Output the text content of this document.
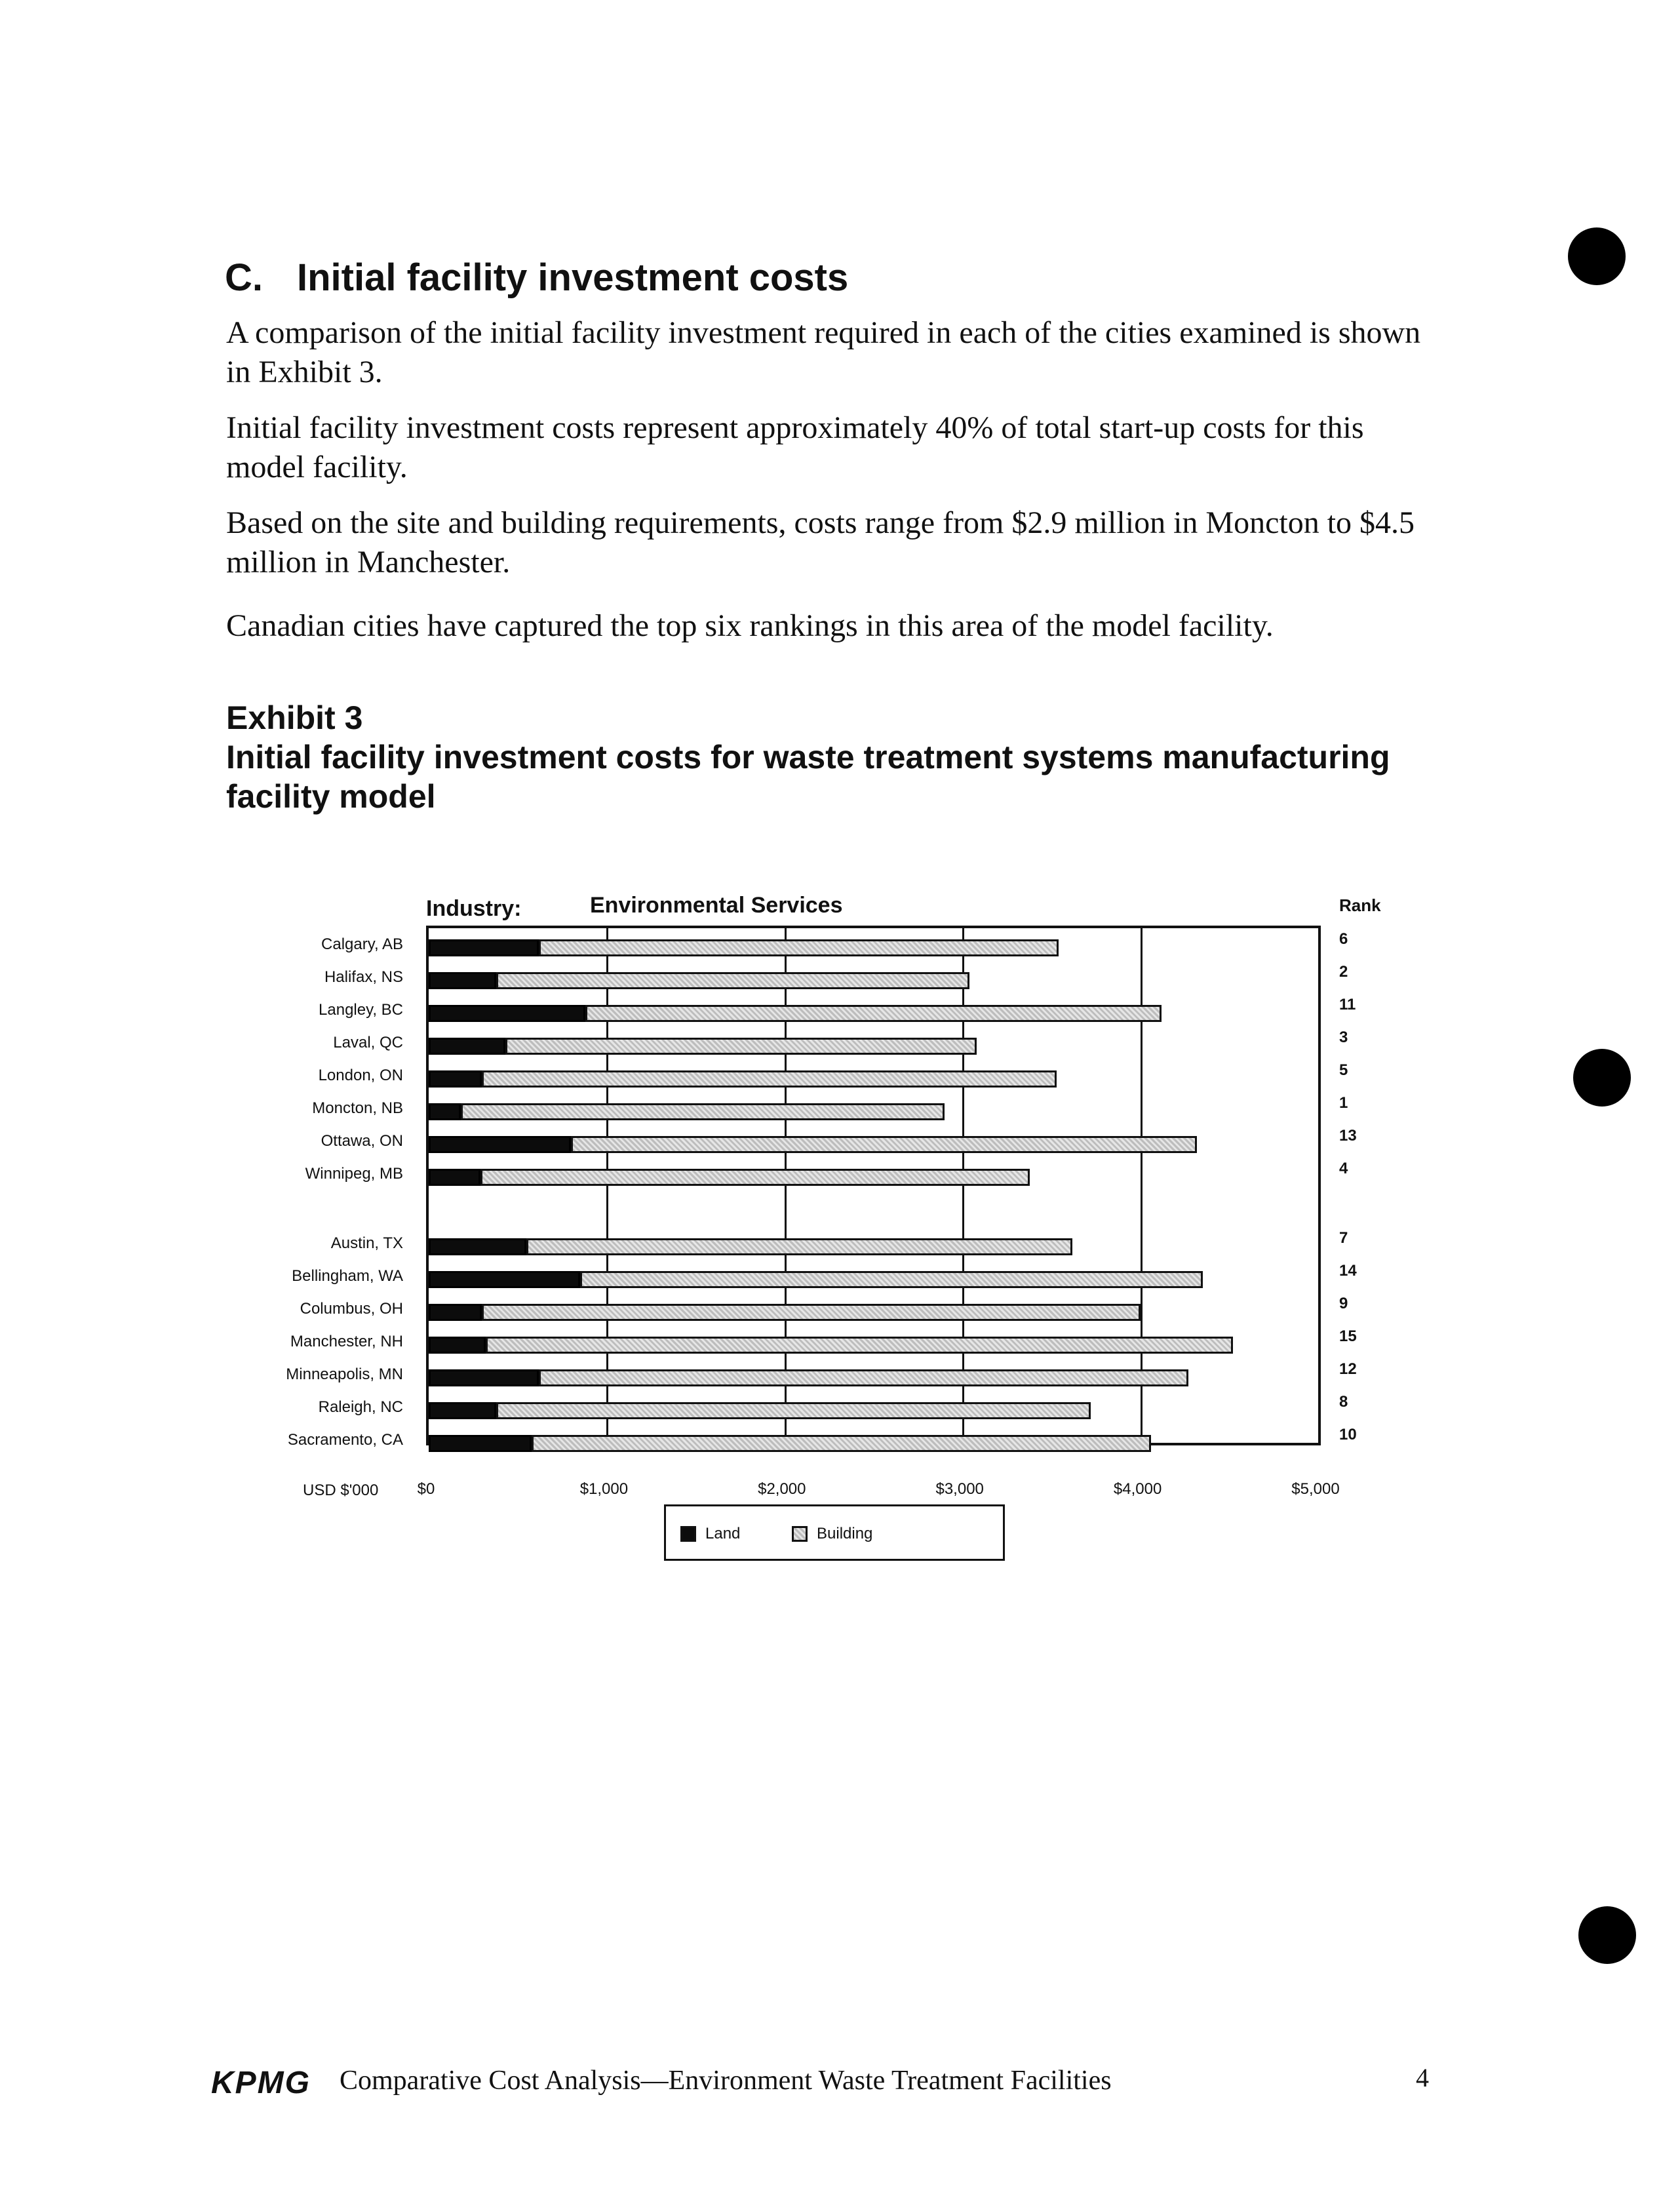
C. Initial facility investment costs

A comparison of the initial facility investment required in each of the cities examined is shown in Exhibit 3.

Initial facility investment costs represent approximately 40% of total start-up costs for this model facility.

Based on the site and building requirements, costs range from $2.9 million in Moncton to $4.5 million in Manchester.

Canadian cities have captured the top six rankings in this area of the model facility.

Exhibit 3
Initial facility investment costs for waste treatment systems manufacturing facility model
Industry:	Environmental Services	Rank
$0	$1,000	$2,000	$3,000	$4,000	$5,000
Calgary, AB	6
Halifax, NS	2
Langley, BC	11
Laval, QC	3
London, ON	5
Moncton, NB	1
Ottawa, ON	13
Winnipeg, MB	4
Austin, TX	7
Bellingham, WA	14
Columbus, OH	9
Manchester, NH	15
Minneapolis, MN	12
Raleigh, NC	8
Sacramento, CA	10
USD $'000
Land	Building
KPMG Comparative Cost Analysis—Environment Waste Treatment Facilities	4
